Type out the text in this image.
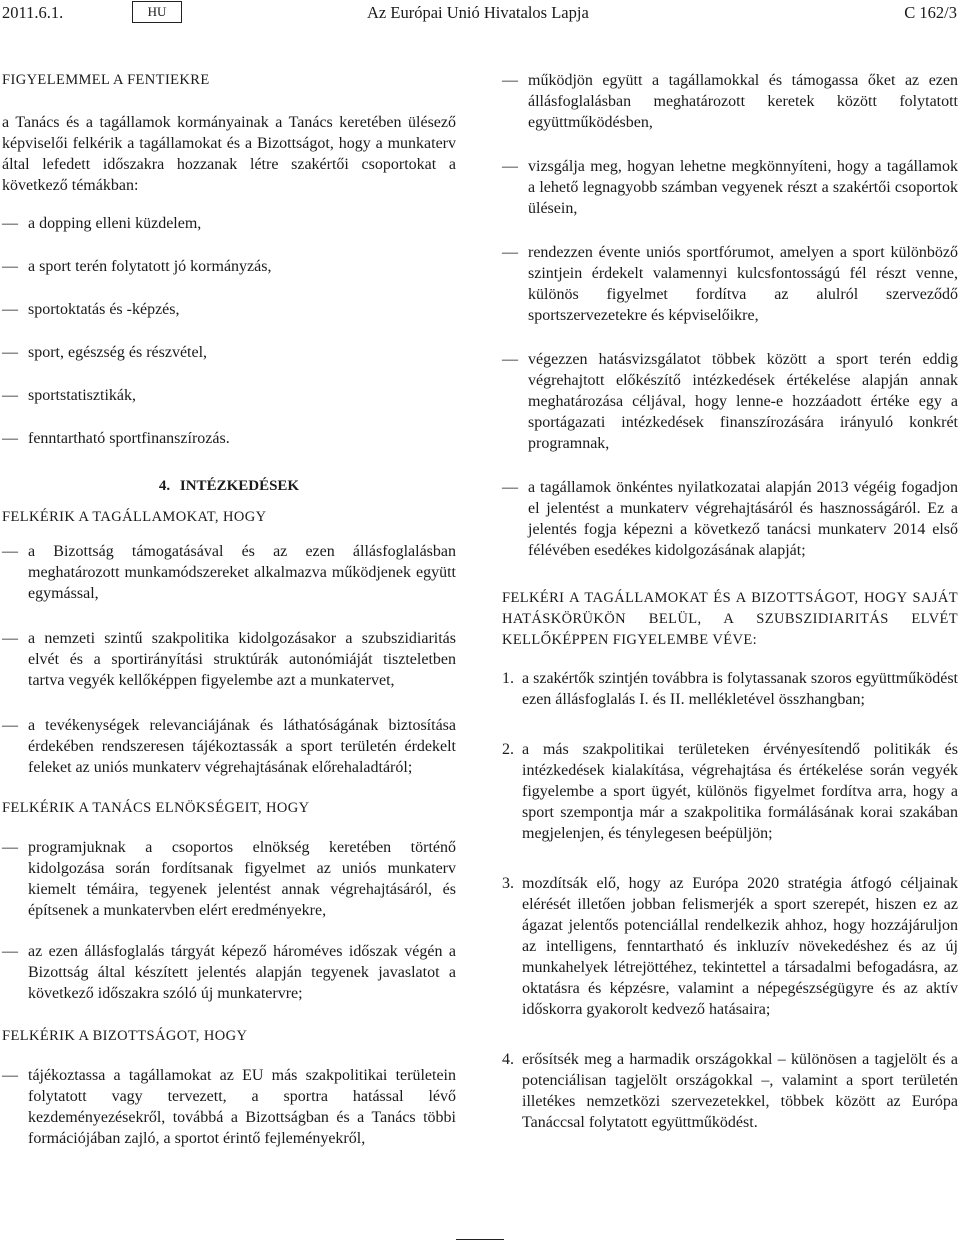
2011.6.1.	HU	Az Európai Unió Hivatalos Lapja	C 162/3
FIGYELEMMEL A FENTIEKRE
a Tanács és a tagállamok kormányainak a Tanács keretében ülésező képviselői felkérik a tagállamokat és a Bizottságot, hogy a munkaterv által lefedett időszakra hozzanak létre szakértői csoportokat a következő témákban:
— a dopping elleni küzdelem,
— a sport terén folytatott jó kormányzás,
— sportoktatás és -képzés,
— sport, egészség és részvétel,
— sportstatisztikák,
— fenntartható sportfinanszírozás.
4. INTÉZKEDÉSEK
FELKÉRIK A TAGÁLLAMOKAT, HOGY
— a Bizottság támogatásával és az ezen állásfoglalásban meghatározott munkamódszereket alkalmazva működjenek együtt egymással,
— a nemzeti szintű szakpolitika kidolgozásakor a szubszidiaritás elvét és a sportirányítási struktúrák autonómiáját tiszteletben tartva vegyék kellőképpen figyelembe azt a munkatervet,
— a tevékenységek relevanciájának és láthatóságának biztosítása érdekében rendszeresen tájékoztassák a sport területén érdekelt feleket az uniós munkaterv végrehajtásának előrehaladtáról;
FELKÉRIK A TANÁCS ELNÖKSÉGEIT, HOGY
— programjuknak a csoportos elnökség keretében történő kidolgozása során fordítsanak figyelmet az uniós munkaterv kiemelt témáira, tegyenek jelentést annak végrehajtásáról, és építsenek a munkatervben elért eredményekre,
— az ezen állásfoglalás tárgyát képező hároméves időszak végén a Bizottság által készített jelentés alapján tegyenek javaslatot a következő időszakra szóló új munkatervre;
FELKÉRIK A BIZOTTSÁGOT, HOGY
— tájékoztassa a tagállamokat az EU más szakpolitikai területein folytatott vagy tervezett, a sportra hatással lévő kezdeményezésekről, továbbá a Bizottságban és a Tanács többi formációjában zajló, a sportot érintő fejleményekről,
— működjön együtt a tagállamokkal és támogassa őket az ezen állásfoglalásban meghatározott keretek között folytatott együttműködésben,
— vizsgálja meg, hogyan lehetne megkönnyíteni, hogy a tagállamok a lehető legnagyobb számban vegyenek részt a szakértői csoportok ülésein,
— rendezzen évente uniós sportfórumot, amelyen a sport különböző szintjein érdekelt valamennyi kulcsfontosságú fél részt venne, különös figyelmet fordítva az alulról szerveződő sportszervezetekre és képviselőikre,
— végezzen hatásvizsgálatot többek között a sport terén eddig végrehajtott előkészítő intézkedések értékelése alapján annak meghatározása céljával, hogy lenne-e hozzáadott értéke egy a sportágazati intézkedések finanszírozására irányuló konkrét programnak,
— a tagállamok önkéntes nyilatkozatai alapján 2013 végéig fogadjon el jelentést a munkaterv végrehajtásáról és hasznosságáról. Ez a jelentés fogja képezni a következő tanácsi munkaterv 2014 első félévében esedékes kidolgozásának alapját;
FELKÉRI A TAGÁLLAMOKAT ÉS A BIZOTTSÁGOT, HOGY SAJÁT HATÁSKÖRÜKÖN BELÜL, A SZUBSZIDIARITÁS ELVÉT KELLŐKÉPPEN FIGYELEMBE VÉVE:
1. a szakértők szintjén továbbra is folytassanak szoros együttműködést ezen állásfoglalás I. és II. mellékletével összhangban;
2. a más szakpolitikai területeken érvényesítendő politikák és intézkedések kialakítása, végrehajtása és értékelése során vegyék figyelembe a sport ügyét, különös figyelmet fordítva arra, hogy a sport szempontja már a szakpolitika formálásának korai szakában megjelenjen, és ténylegesen beépüljön;
3. mozdítsák elő, hogy az Európa 2020 stratégia átfogó céljainak elérését illetően jobban felismerjék a sport szerepét, hiszen ez az ágazat jelentős potenciállal rendelkezik ahhoz, hogy hozzájáruljon az intelligens, fenntartható és inkluzív növekedéshez és az új munkahelyek létrejöttéhez, tekintettel a társadalmi befogadásra, az oktatásra és képzésre, valamint a népegészségügyre és az aktív időskorra gyakorolt kedvező hatásaira;
4. erősítsék meg a harmadik országokkal – különösen a tagjelölt és a potenciálisan tagjelölt országokkal –, valamint a sport területén illetékes nemzetközi szervezetekkel, többek között az Európa Tanáccsal folytatott együttműködést.
